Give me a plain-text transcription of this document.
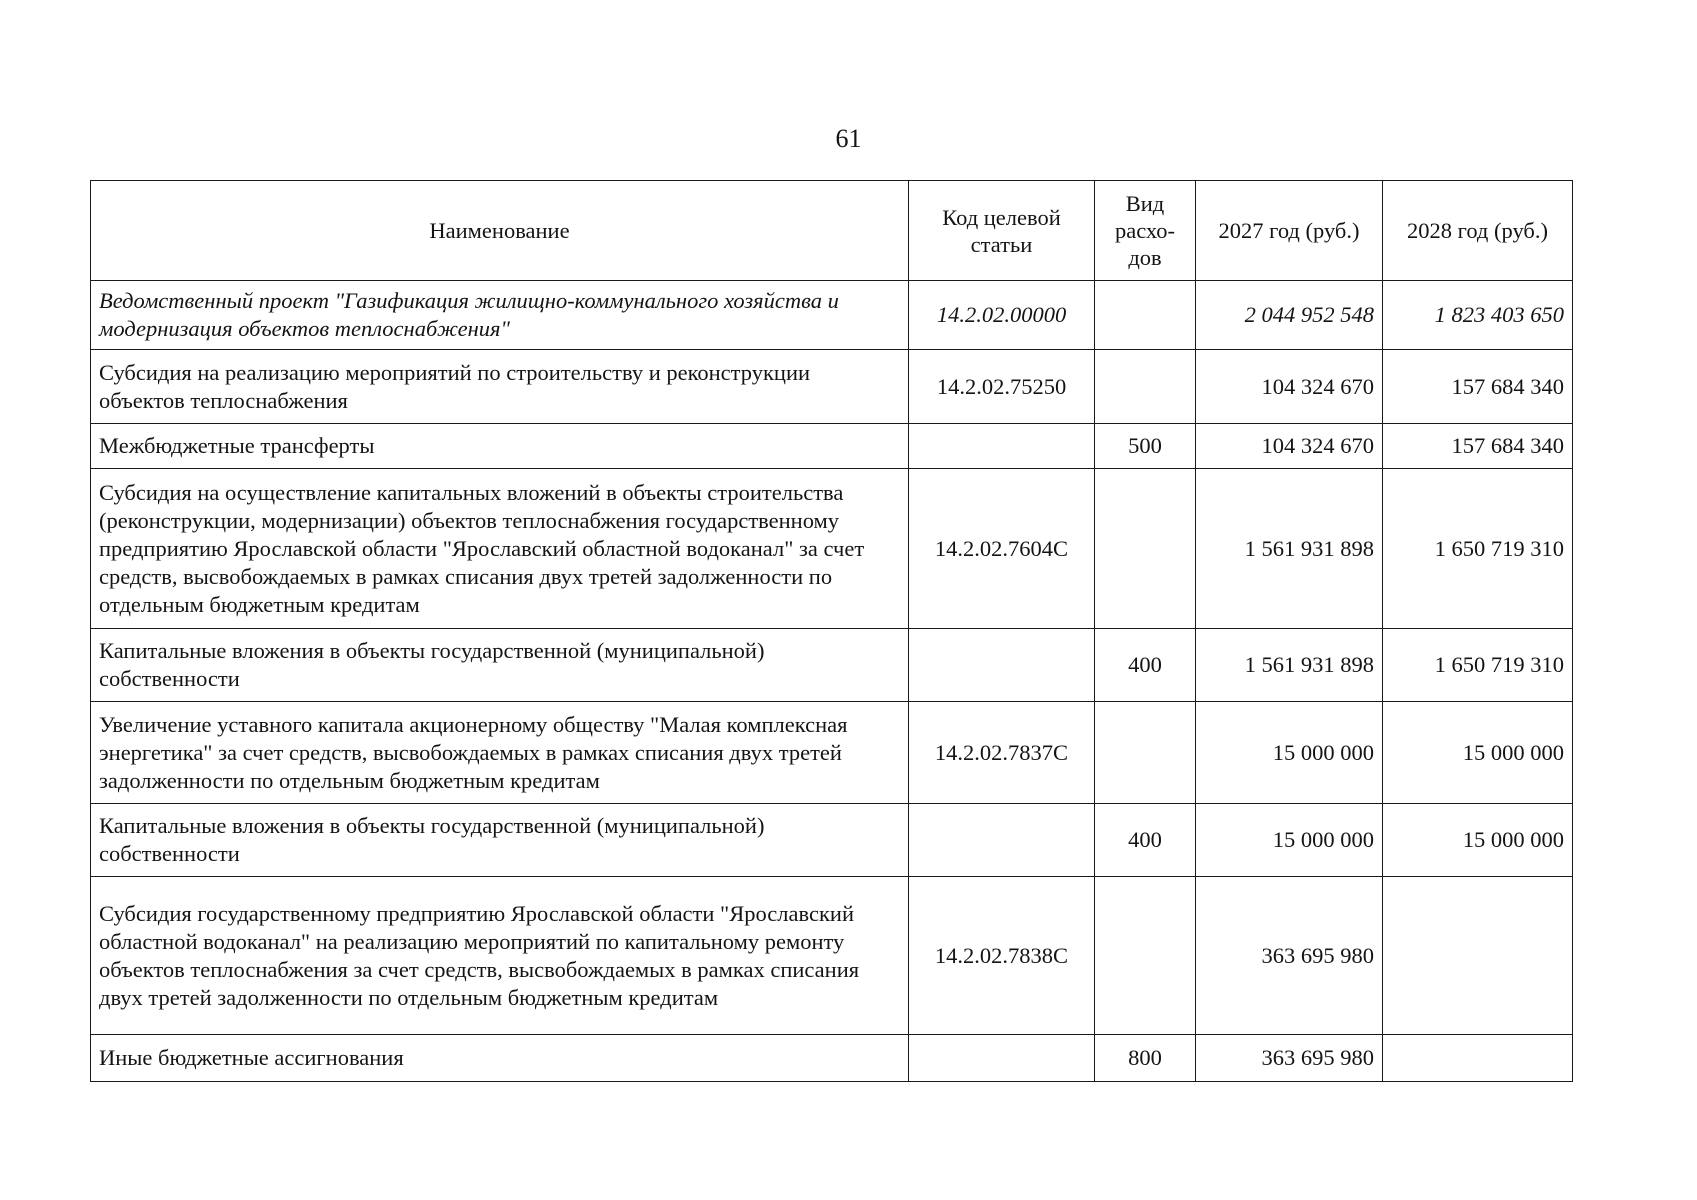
61
Наименование	Код целевой статьи	Вид расхо-дов	2027 год (руб.)	2028 год (руб.)
Ведомственный проект "Газификация жилищно-коммунального хозяйства и модернизация объектов теплоснабжения"	14.2.02.00000		2 044 952 548	1 823 403 650
Субсидия на реализацию мероприятий по строительству и реконструкции объектов теплоснабжения	14.2.02.75250		104 324 670	157 684 340
Межбюджетные трансферты		500	104 324 670	157 684 340
Субсидия на осуществление капитальных вложений в объекты строительства (реконструкции, модернизации) объектов теплоснабжения государственному предприятию Ярославской области "Ярославский областной водоканал" за счет средств, высвобождаемых в рамках списания двух третей задолженности по отдельным бюджетным кредитам	14.2.02.7604С		1 561 931 898	1 650 719 310
Капитальные вложения в объекты государственной (муниципальной) собственности		400	1 561 931 898	1 650 719 310
Увеличение уставного капитала акционерному обществу "Малая комплексная энергетика" за счет средств, высвобождаемых в рамках списания двух третей задолженности по отдельным бюджетным кредитам	14.2.02.7837С		15 000 000	15 000 000
Капитальные вложения в объекты государственной (муниципальной) собственности		400	15 000 000	15 000 000
Субсидия государственному предприятию Ярославской области "Ярославский областной водоканал" на реализацию мероприятий по капитальному ремонту объектов теплоснабжения за счет средств, высвобождаемых в рамках списания двух третей задолженности по отдельным бюджетным кредитам	14.2.02.7838С		363 695 980	
Иные бюджетные ассигнования		800	363 695 980	
